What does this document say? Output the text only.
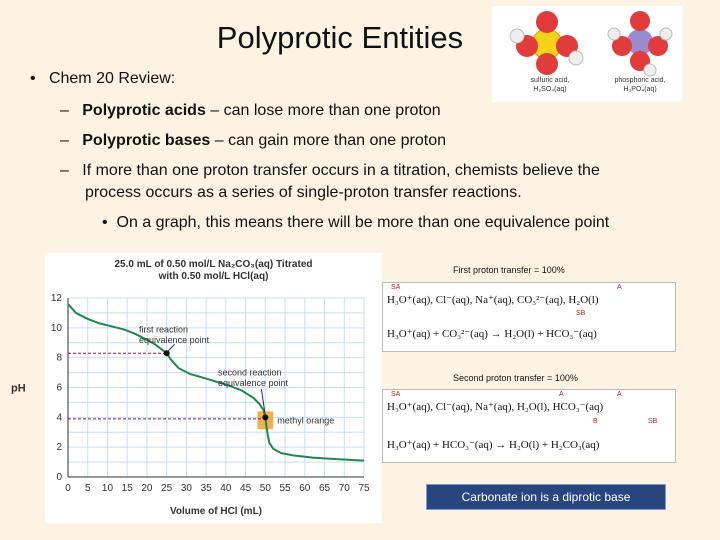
Polyprotic Entities
sulfuric acid,
H₂SO₄(aq)
phosphoric acid,
H₃PO₄(aq)
• Chem 20 Review:
– Polyprotic acids – can lose more than one proton
– Polyprotic bases – can gain more than one proton
– If more than one proton transfer occurs in a titration, chemists believe the
process occurs as a series of single-proton transfer reactions.
• On a graph, this means there will be more than one equivalence point
25.0 mL of 0.50 mol/L Na₂CO₃(aq) Titrated
with 0.50 mol/L HCl(aq)
0 5 10 15 20 25 30 35 40 45 50 55 60 65 70 75
0
2
4
6
8
10
12
Volume of HCl (mL)
pH
methyl orange
first reaction
equivalence point
second reaction
equivalence point
First proton transfer = 100%
SA	A
SB
H₃O⁺(aq), Cl⁻(aq), Na⁺(aq), CO₃²⁻(aq), H₂O(l)
H₃O⁺(aq) + CO₃²⁻(aq) → H₂O(l) + HCO₃⁻(aq)
Second proton transfer = 100%
SA	A	A
B	SB
H₃O⁺(aq), Cl⁻(aq), Na⁺(aq), H₂O(l), HCO₃⁻(aq)
H₃O⁺(aq) + HCO₃⁻(aq) → H₂O(l) + H₂CO₃(aq)
Carbonate ion is a diprotic base
